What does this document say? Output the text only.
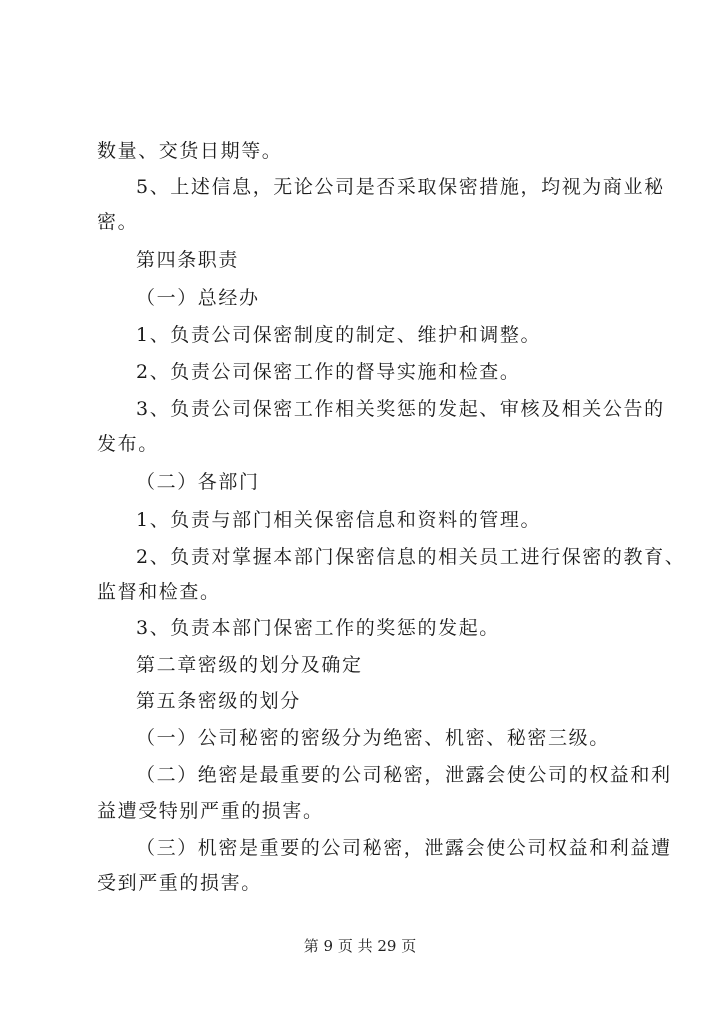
数量、交货日期等。
5、上述信息，无论公司是否采取保密措施，均视为商业秘
密。
第四条职责
（一）总经办
1、负责公司保密制度的制定、维护和调整。
2、负责公司保密工作的督导实施和检查。
3、负责公司保密工作相关奖惩的发起、审核及相关公告的
发布。
（二）各部门
1、负责与部门相关保密信息和资料的管理。
2、负责对掌握本部门保密信息的相关员工进行保密的教育、
监督和检查。
3、负责本部门保密工作的奖惩的发起。
第二章密级的划分及确定
第五条密级的划分
（一）公司秘密的密级分为绝密、机密、秘密三级。
（二）绝密是最重要的公司秘密，泄露会使公司的权益和利
益遭受特别严重的损害。
（三）机密是重要的公司秘密，泄露会使公司权益和利益遭
受到严重的损害。
第 9 页 共 29 页
